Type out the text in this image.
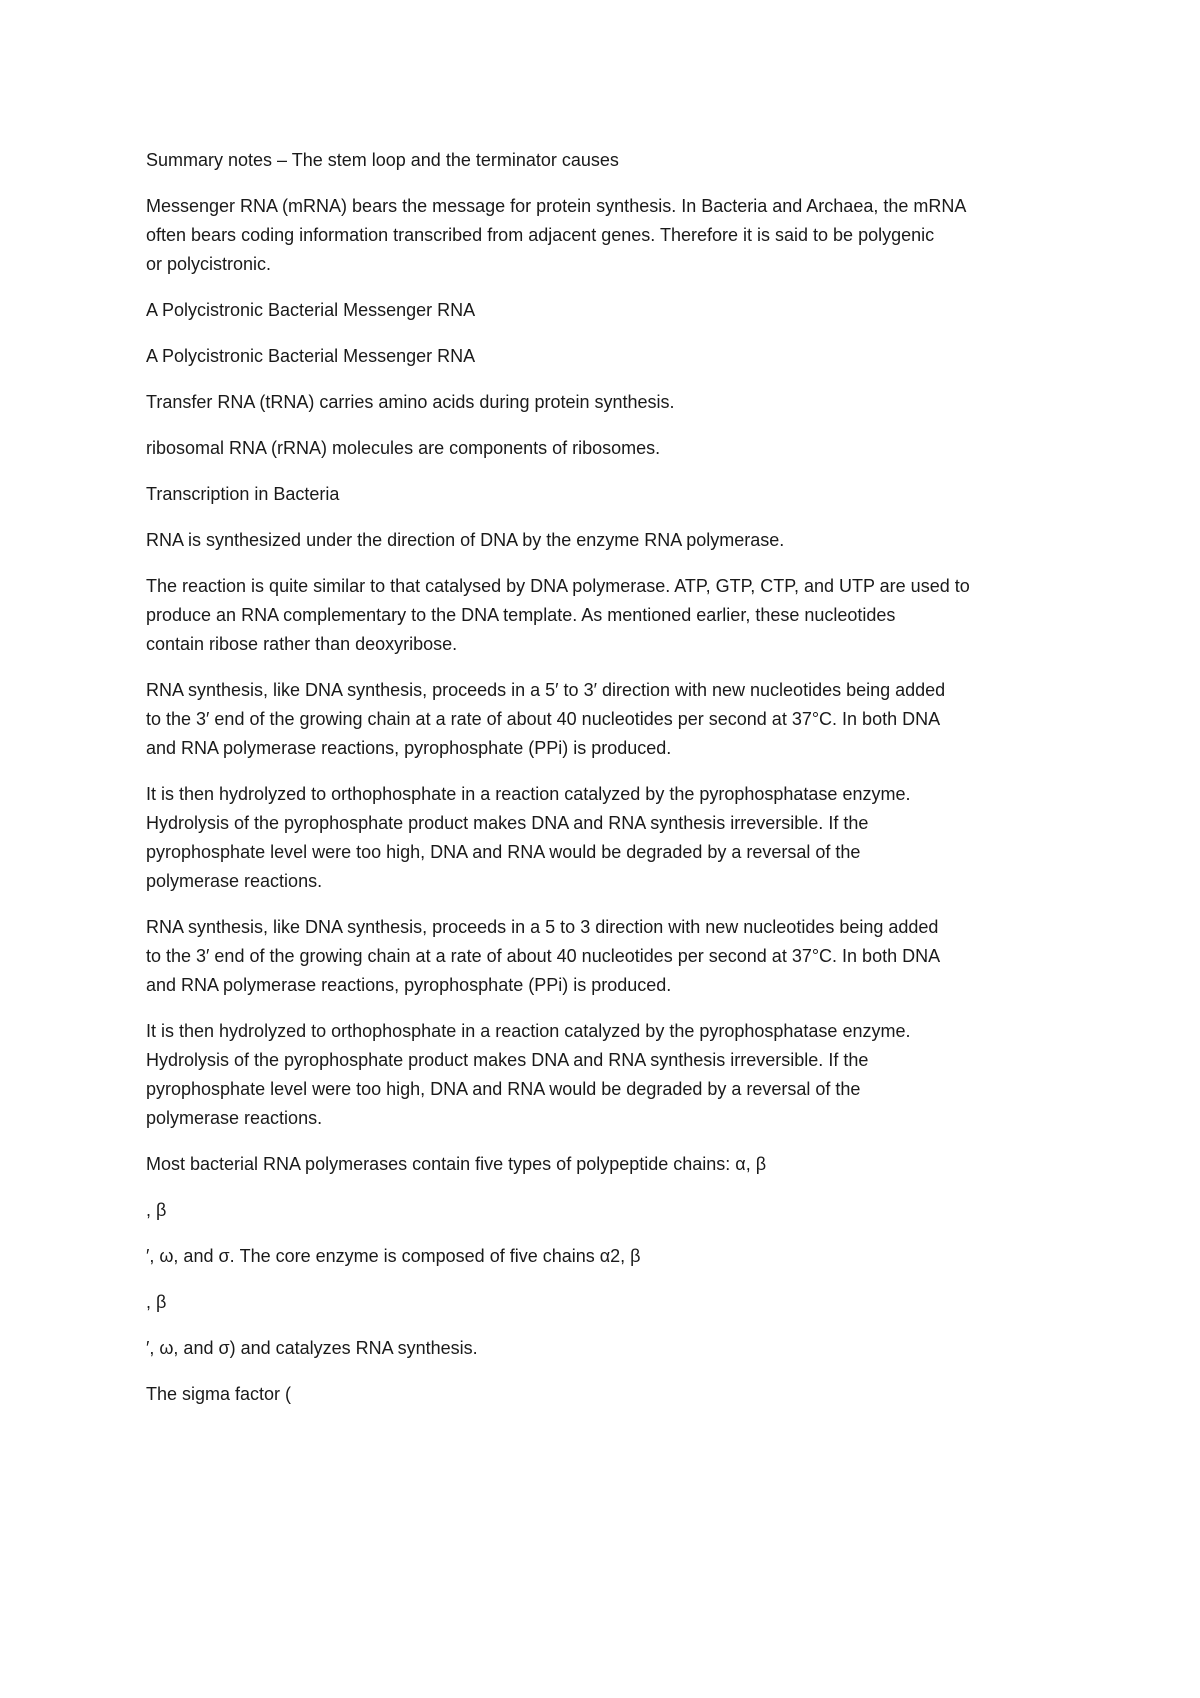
Summary notes – The stem loop and the terminator causes

Messenger RNA (mRNA) bears the message for protein synthesis. In Bacteria and Archaea, the mRNA
often bears coding information transcribed from adjacent genes. Therefore it is said to be polygenic
or polycistronic.

A Polycistronic Bacterial Messenger RNA

A Polycistronic Bacterial Messenger RNA

Transfer RNA (tRNA) carries amino acids during protein synthesis.

ribosomal RNA (rRNA) molecules are components of ribosomes.

Transcription in Bacteria

RNA is synthesized under the direction of DNA by the enzyme RNA polymerase.

The reaction is quite similar to that catalysed by DNA polymerase. ATP, GTP, CTP, and UTP are used to
produce an RNA complementary to the DNA template. As mentioned earlier, these nucleotides
contain ribose rather than deoxyribose.

RNA synthesis, like DNA synthesis, proceeds in a 5′ to 3′ direction with new nucleotides being added
to the 3′ end of the growing chain at a rate of about 40 nucleotides per second at 37°C. In both DNA
and RNA polymerase reactions, pyrophosphate (PPi) is produced.

It is then hydrolyzed to orthophosphate in a reaction catalyzed by the pyrophosphatase enzyme.
Hydrolysis of the pyrophosphate product makes DNA and RNA synthesis irreversible. If the
pyrophosphate level were too high, DNA and RNA would be degraded by a reversal of the
polymerase reactions.

RNA synthesis, like DNA synthesis, proceeds in a 5 to 3 direction with new nucleotides being added
to the 3′ end of the growing chain at a rate of about 40 nucleotides per second at 37°C. In both DNA
and RNA polymerase reactions, pyrophosphate (PPi) is produced.

It is then hydrolyzed to orthophosphate in a reaction catalyzed by the pyrophosphatase enzyme.
Hydrolysis of the pyrophosphate product makes DNA and RNA synthesis irreversible. If the
pyrophosphate level were too high, DNA and RNA would be degraded by a reversal of the
polymerase reactions.

Most bacterial RNA polymerases contain five types of polypeptide chains: α, β

, β

′, ω, and σ. The core enzyme is composed of five chains α2, β

, β

′, ω, and σ) and catalyzes RNA synthesis.

The sigma factor (
